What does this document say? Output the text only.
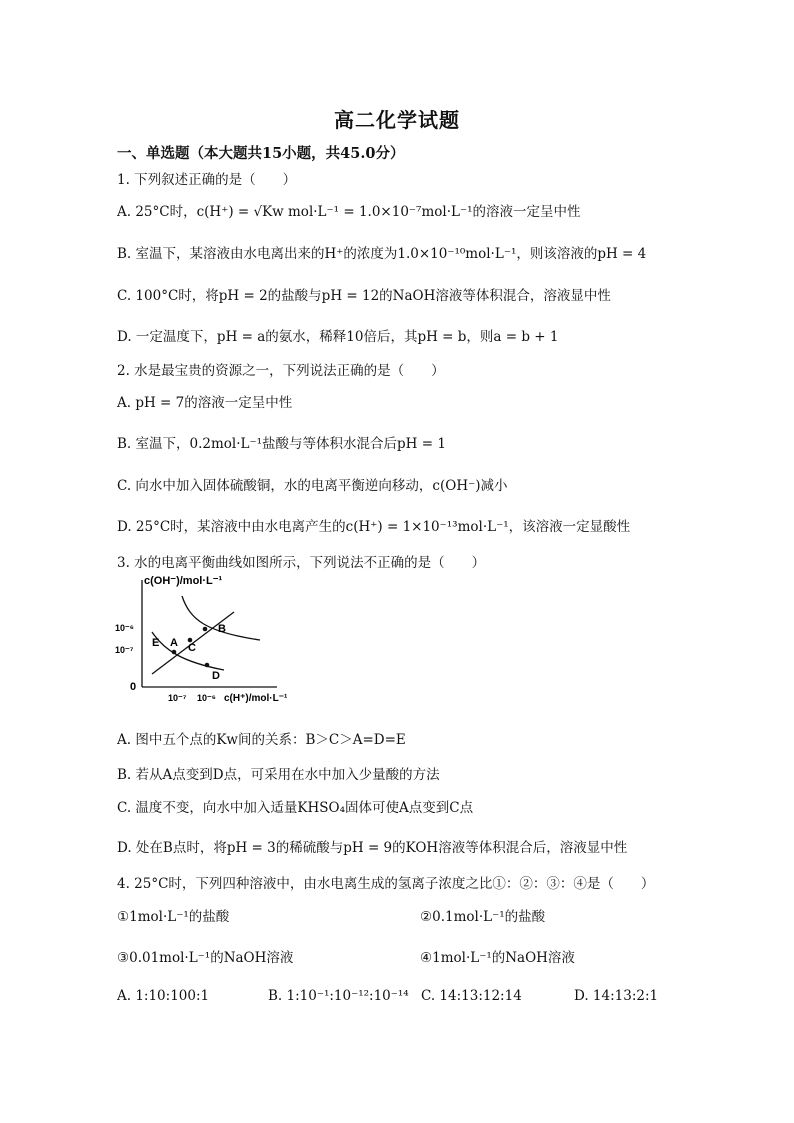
高二化学试题
一、单选题（本大题共15小题，共45.0分）
1. 下列叙述正确的是（　　）
A. 25°C时，c(H⁺) = √Kw mol·L⁻¹ = 1.0×10⁻⁷mol·L⁻¹的溶液一定呈中性
B. 室温下，某溶液由水电离出来的H⁺的浓度为1.0×10⁻¹⁰mol·L⁻¹，则该溶液的pH = 4
C. 100°C时，将pH = 2的盐酸与pH = 12的NaOH溶液等体积混合，溶液显中性
D. 一定温度下，pH = a的氨水，稀释10倍后，其pH = b，则a = b + 1
2. 水是最宝贵的资源之一，下列说法正确的是（　　）
A. pH = 7的溶液一定呈中性
B. 室温下，0.2mol·L⁻¹盐酸与等体积水混合后pH = 1
C. 向水中加入固体硫酸铜，水的电离平衡逆向移动，c(OH⁻)减小
D. 25°C时，某溶液中由水电离产生的c(H⁺) = 1×10⁻¹³mol·L⁻¹，该溶液一定显酸性
3. 水的电离平衡曲线如图所示，下列说法不正确的是（　　）
c(OH⁻)/mol·L⁻¹
10⁻⁶
10⁻⁷
0
10⁻⁷ 10⁻⁶ c(H⁺)/mol·L⁻¹
E A C
B
D
A. 图中五个点的Kw间的关系：B＞C＞A=D=E
B. 若从A点变到D点，可采用在水中加入少量酸的方法
C. 温度不变，向水中加入适量KHSO₄固体可使A点变到C点
D. 处在B点时，将pH = 3的稀硫酸与pH = 9的KOH溶液等体积混合后，溶液显中性
4. 25°C时，下列四种溶液中，由水电离生成的氢离子浓度之比①：②：③：④是（　　）
①1mol·L⁻¹的盐酸	②0.1mol·L⁻¹的盐酸
③0.01mol·L⁻¹的NaOH溶液	④1mol·L⁻¹的NaOH溶液
A. 1:10:100:1	B. 1:10⁻¹:10⁻¹²:10⁻¹⁴ C. 14:13:12:14	D. 14:13:2:1
